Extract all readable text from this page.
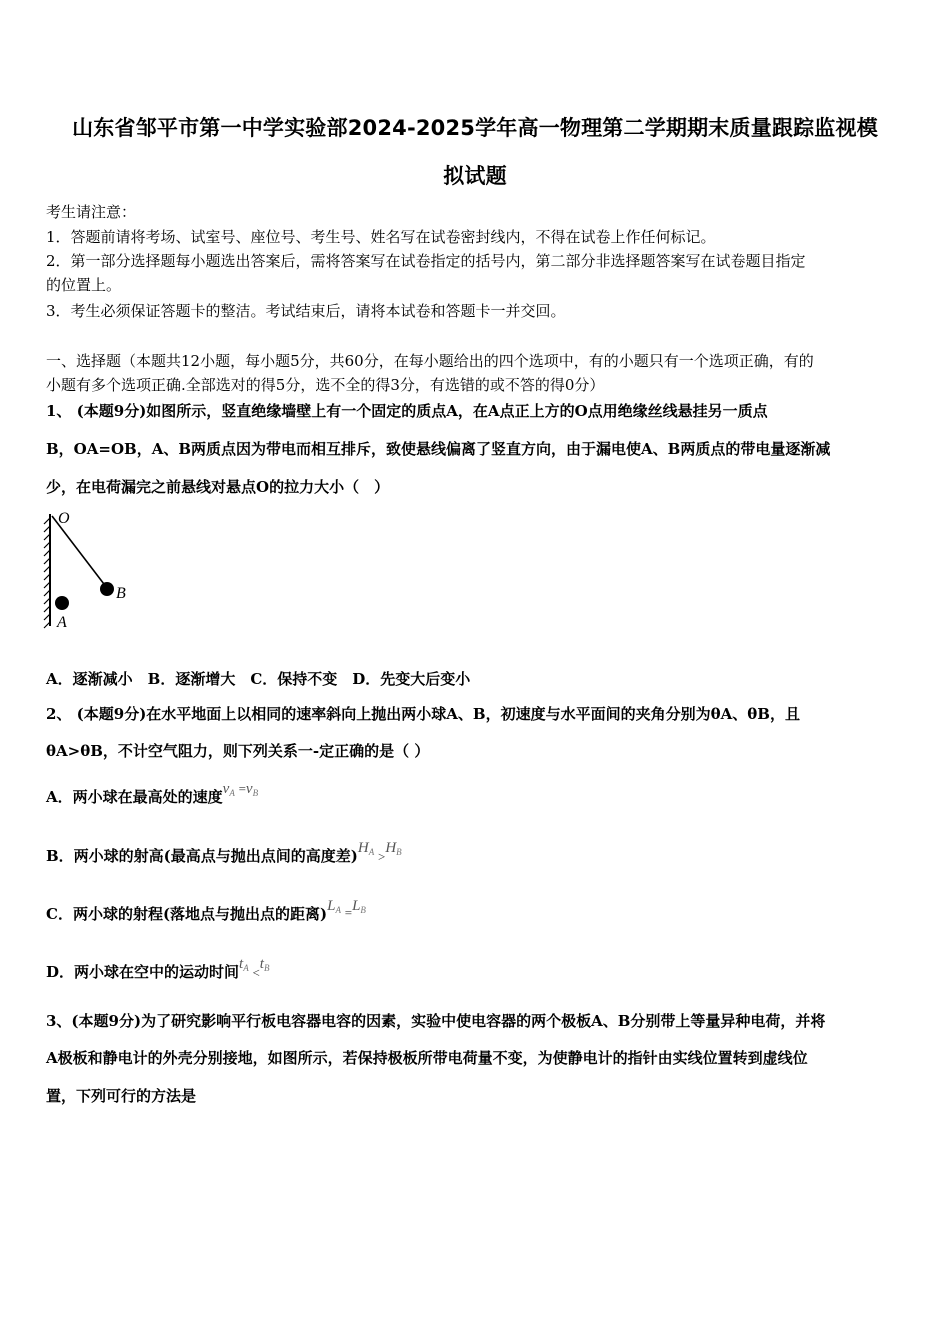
山东省邹平市第一中学实验部2024-2025学年高一物理第二学期期末质量跟踪监视模
拟试题
考生请注意：
1．答题前请将考场、试室号、座位号、考生号、姓名写在试卷密封线内，不得在试卷上作任何标记。
2．第一部分选择题每小题选出答案后，需将答案写在试卷指定的括号内，第二部分非选择题答案写在试卷题目指定
的位置上。
3．考生必须保证答题卡的整洁。考试结束后，请将本试卷和答题卡一并交回。
一、选择题（本题共12小题，每小题5分，共60分，在每小题给出的四个选项中，有的小题只有一个选项正确，有的
小题有多个选项正确.全部选对的得5分，选不全的得3分，有选错的或不答的得0分）
1、 (本题9分)如图所示，竖直绝缘墙壁上有一个固定的质点A，在A点正上方的O点用绝缘丝线悬挂另一质点
B，OA=OB，A、B两质点因为带电而相互排斥，致使悬线偏离了竖直方向，由于漏电使A、B两质点的带电量逐渐减
少，在电荷漏完之前悬线对悬点O的拉力大小（　）
O
B
A
A．逐渐减小　B．逐渐增大　C．保持不变　D．先变大后变小
2、 (本题9分)在水平地面上以相同的速率斜向上抛出两小球A、B，初速度与水平面间的夹角分别为θA、θB，且
θA>θB，不计空气阻力，则下列关系一-定正确的是（ ）
A．两小球在最高处的速度$v_A =v_B$
B．两小球的射高(最高点与抛出点间的高度差)$H_A >H_B$
C．两小球的射程(落地点与抛出点的距离)$L_A =L_B$
D．两小球在空中的运动时间$t_A <t_B$
3、(本题9分)为了研究影响平行板电容器电容的因素，实验中使电容器的两个极板A、B分别带上等量异种电荷，并将
A极板和静电计的外壳分别接地，如图所示，若保持极板所带电荷量不变，为使静电计的指针由实线位置转到虚线位
置，下列可行的方法是
